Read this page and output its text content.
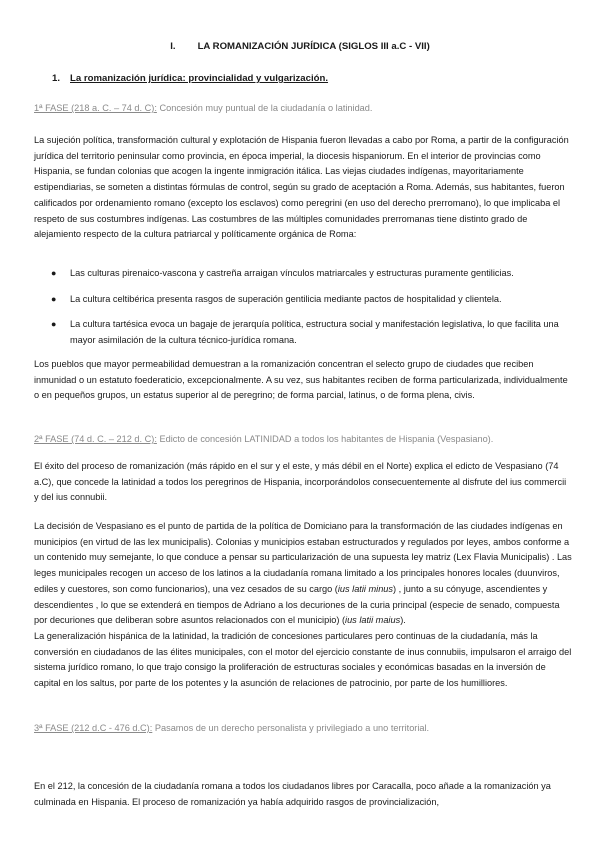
I. LA ROMANIZACIÓN JURÍDICA (SIGLOS III a.C - VII)
1. La romanización jurídica: provincialidad y vulgarización.
1ª FASE (218 a. C. – 74 d. C): Concesión muy puntual de la ciudadanía o latinidad.

La sujeción política, transformación cultural y explotación de Hispania fueron llevadas a cabo por Roma, a partir de la configuración jurídica del territorio peninsular como provincia, en época imperial, la diocesis hispaniorum. En el interior de provincias como Hispania, se fundan colonias que acogen la ingente inmigración itálica. Las viejas ciudades indígenas, mayoritariamente estipendiarias, se someten a distintas fórmulas de control, según su grado de aceptación a Roma. Además, sus habitantes, fueron calificados por ordenamiento romano (excepto los esclavos) como peregrini (en uso del derecho prerromano), lo que implicaba el respeto de sus costumbres indígenas. Las costumbres de las múltiples comunidades prerromanas tiene distinto grado de alejamiento respecto de la cultura patriarcal y políticamente orgánica de Roma:

● Las culturas pirenaico-vascona y castreña arraigan vínculos matriarcales y estructuras puramente gentilicias.
● La cultura celtibérica presenta rasgos de superación gentilicia mediante pactos de hospitalidad y clientela.
● La cultura tartésica evoca un bagaje de jerarquía política, estructura social y manifestación legislativa, lo que facilita una mayor asimilación de la cultura técnico-jurídica romana.

Los pueblos que mayor permeabilidad demuestran a la romanización concentran el selecto grupo de ciudades que reciben inmunidad o un estatuto foederaticio, excepcionalmente. A su vez, sus habitantes reciben de forma particularizada, individualmente o en pequeños grupos, un estatus superior al de peregrino; de forma parcial, latinus, o de forma plena, civis.

2ª FASE (74 d. C. – 212 d. C): Edicto de concesión LATINIDAD a todos los habitantes de Hispania (Vespasiano).

El éxito del proceso de romanización (más rápido en el sur y el este, y más débil en el Norte) explica el edicto de Vespasiano (74 a.C), que concede la latinidad a todos los peregrinos de Hispania, incorporándolos consecuentemente al disfrute del ius commercii y del ius connubii.

La decisión de Vespasiano es el punto de partida de la política de Domiciano para la transformación de las ciudades indígenas en municipios (en virtud de las lex municipalis). Colonias y municipios estaban estructurados y regulados por leyes, ambos conforme a un contenido muy semejante, lo que conduce a pensar su particularización de una supuesta ley matriz (Lex Flavia Municipalis) . Las leges municipales recogen un acceso de los latinos a la ciudadanía romana limitado a los principales honores locales (duunviros, ediles y cuestores, son como funcionarios), una vez cesados de su cargo (ius latii minus) , junto a su cónyuge, ascendientes y descendientes , lo que se extenderá en tiempos de Adriano a los decuriones de la curia principal (especie de senado, compuesta por decuriones que deliberan sobre asuntos relacionados con el municipio) (ius latii maius).

La generalización hispánica de la latinidad, la tradición de concesiones particulares pero continuas de la ciudadanía, más la conversión en ciudadanos de las élites municipales, con el motor del ejercicio constante de inus connubiis, impulsaron el arraigo del sistema jurídico romano, lo que trajo consigo la proliferación de estructuras sociales y económicas basadas en la inversión de capital en los saltus, por parte de los potentes y la asunción de relaciones de patrocinio, por parte de los humilliores.

3ª FASE (212 d.C - 476 d.C): Pasamos de un derecho personalista y privilegiado a uno territorial.

En el 212, la concesión de la ciudadanía romana a todos los ciudadanos libres por Caracalla, poco añade a la romanización ya culminada en Hispania. El proceso de romanización ya había adquirido rasgos de provincialización,
